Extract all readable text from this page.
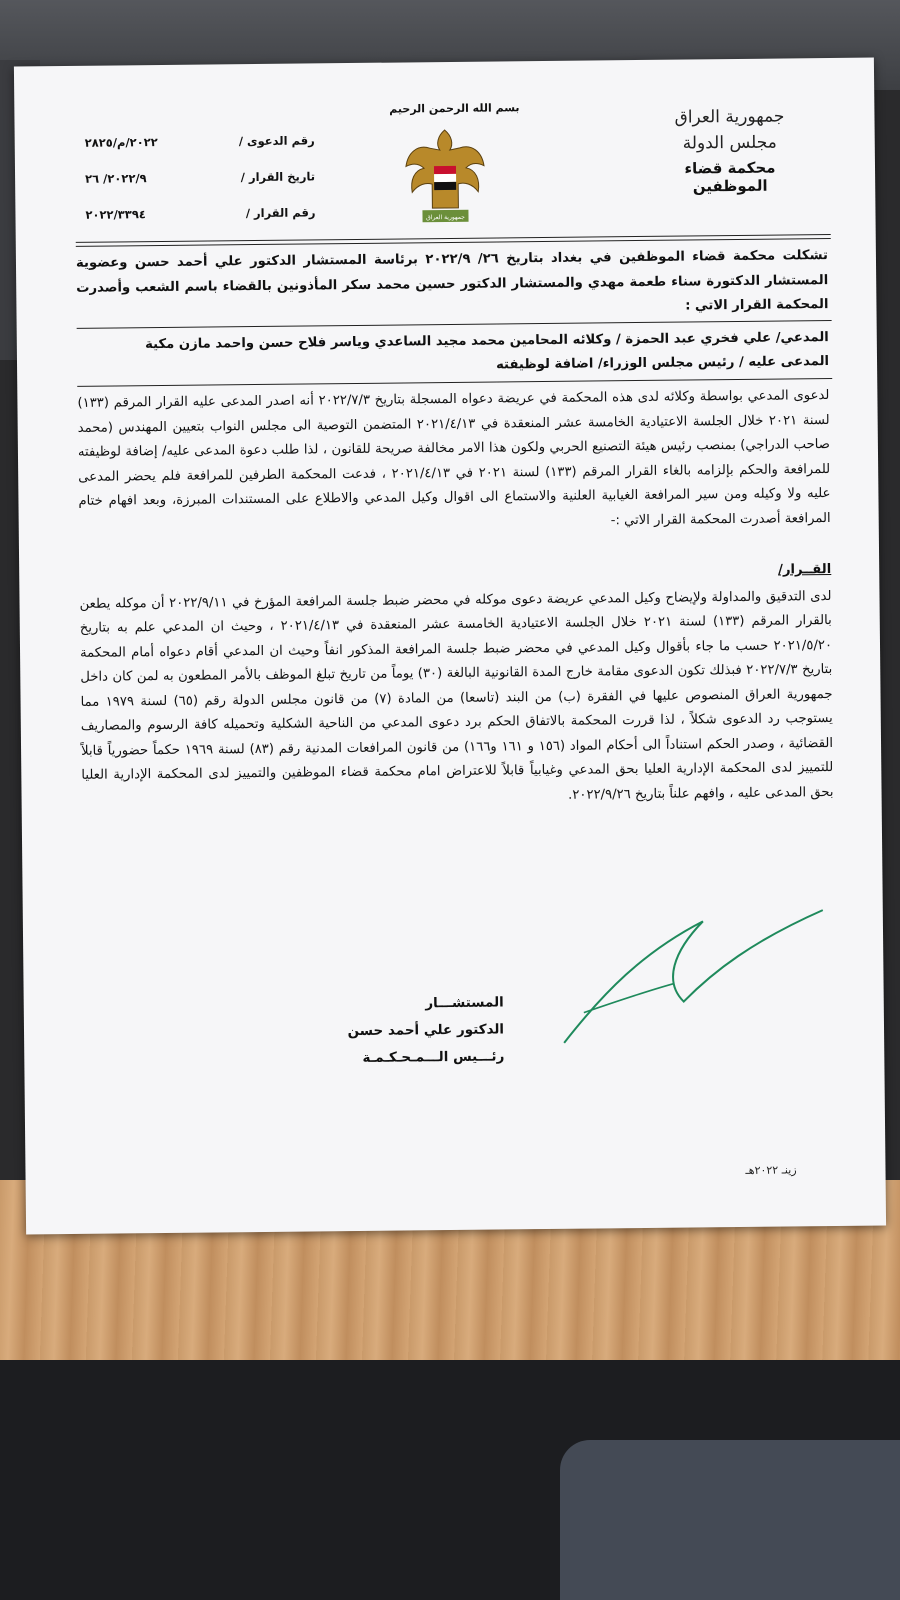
جمهورية العراق
مجلس الدولة
محكمة قضاء الموظفين
بسم الله الرحمن الرحيم
جمهورية العراق
رقم الدعوى /
٢٠٢٢/م/٢٨٢٥
تاريخ القرار /
٢٠٢٢/٩/ ٢٦
رقم القرار /
٢٠٢٢/٣٣٩٤
تشكلت محكمة قضاء الموظفين في بغداد بتاريخ ٢٦/ ٢٠٢٢/٩ برئاسة المستشار الدكتور علي أحمد حسن وعضوية المستشار الدكتورة سناء طعمة مهدي والمستشار الدكتور حسين محمد سكر المأذونين بالقضاء باسم الشعب وأصدرت المحكمة القرار الاتي :
المدعي/ علي فخري عبد الحمزة / وكلائه المحامين محمد مجيد الساعدي وياسر فلاح حسن واحمد مازن مكية
المدعى عليه / رئيس مجلس الوزراء/ اضافة لوظيفته
لدعوى المدعي بواسطة وكلائه لدى هذه المحكمة في عريضة دعواه المسجلة بتاريخ ٢٠٢٢/٧/٣ أنه اصدر المدعى عليه القرار المرقم (١٣٣) لسنة ٢٠٢١ خلال الجلسة الاعتيادية الخامسة عشر المنعقدة في ٢٠٢١/٤/١٣ المتضمن التوصية الى مجلس النواب بتعيين المهندس (محمد صاحب الدراجي) بمنصب رئيس هيئة التصنيع الحربي ولكون هذا الامر مخالفة صريحة للقانون ، لذا طلب دعوة المدعى عليه/ إضافة لوظيفته للمرافعة والحكم بإلزامه بالغاء القرار المرقم (١٣٣) لسنة ٢٠٢١ في ٢٠٢١/٤/١٣ ، فدعت المحكمة الطرفين للمرافعة فلم يحضر المدعى عليه ولا وكيله ومن سير المرافعة الغيابية العلنية والاستماع الى اقوال وكيل المدعي والاطلاع على المستندات المبرزة، وبعد افهام ختام المرافعة أصدرت المحكمة القرار الاتي :-
القــرار/
لدى التدقيق والمداولة ولإيضاح وكيل المدعي عريضة دعوى موكله في محضر ضبط جلسة المرافعة المؤرخ في ٢٠٢٢/٩/١١ أن موكله يطعن بالقرار المرقم (١٣٣) لسنة ٢٠٢١ خلال الجلسة الاعتيادية الخامسة عشر المنعقدة في ٢٠٢١/٤/١٣ ، وحيث ان المدعي علم به بتاريخ ٢٠٢١/٥/٢٠ حسب ما جاء بأقوال وكيل المدعي في محضر ضبط جلسة المرافعة المذكور انفاً وحيث ان المدعي أقام دعواه أمام المحكمة بتاريخ ٢٠٢٢/٧/٣ فبذلك تكون الدعوى مقامة خارج المدة القانونية البالغة (٣٠) يوماً من تاريخ تبلغ الموظف بالأمر المطعون به لمن كان داخل جمهورية العراق المنصوص عليها في الفقرة (ب) من البند (تاسعا) من المادة (٧) من قانون مجلس الدولة رقم (٦٥) لسنة ١٩٧٩ مما يستوجب رد الدعوى شكلاً ، لذا قررت المحكمة بالاتفاق الحكم برد دعوى المدعي من الناحية الشكلية وتحميله كافة الرسوم والمصاريف القضائية ، وصدر الحكم استناداً الى أحكام المواد (١٥٦ و ١٦١ و١٦٦) من قانون المرافعات المدنية رقم (٨٣) لسنة ١٩٦٩ حكماً حضورياً قابلاً للتمييز لدى المحكمة الإدارية العليا بحق المدعي وغيابياً قابلاً للاعتراض امام محكمة قضاء الموظفين والتمييز لدى المحكمة الإدارية العليا بحق المدعى عليه ، وافهم علناً بتاريخ ٢٠٢٢/٩/٢٦.
المستشـــار
الدكتور علي أحمد حسن
رئـــيس الـــمـحـكـمـة
زينـ ٢٠٢٢هـ
